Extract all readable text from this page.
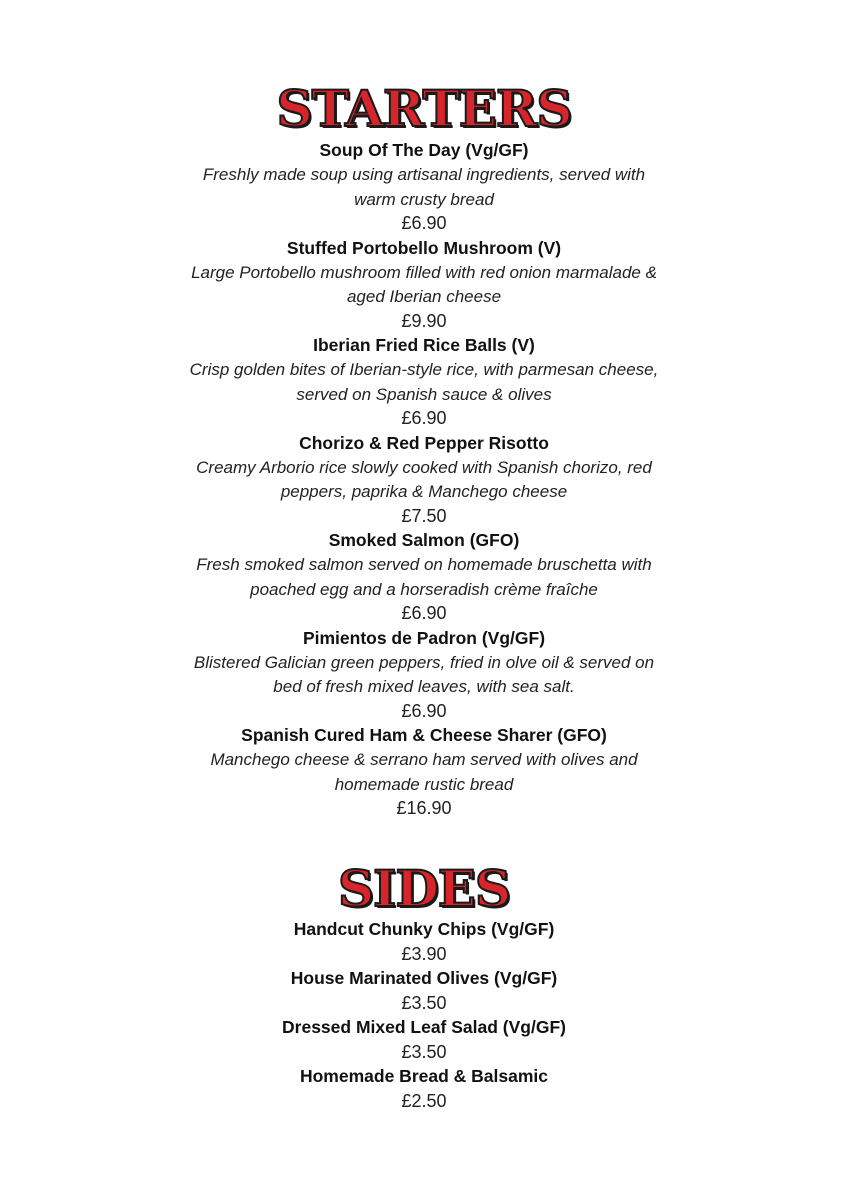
STARTERS
Soup Of The Day (Vg/GF)
Freshly made soup using artisanal ingredients, served with warm crusty bread
£6.90
Stuffed Portobello Mushroom (V)
Large Portobello mushroom filled with red onion marmalade & aged Iberian cheese
£9.90
Iberian Fried Rice Balls (V)
Crisp golden bites of Iberian-style rice, with parmesan cheese, served on Spanish sauce & olives
£6.90
Chorizo & Red Pepper Risotto
Creamy Arborio rice slowly cooked with Spanish chorizo, red peppers, paprika & Manchego cheese
£7.50
Smoked Salmon (GFO)
Fresh smoked salmon served on homemade bruschetta with poached egg and a horseradish crème fraîche
£6.90
Pimientos de Padron (Vg/GF)
Blistered Galician green peppers, fried in olve oil & served on bed of fresh mixed leaves, with sea salt.
£6.90
Spanish Cured Ham & Cheese Sharer (GFO)
Manchego cheese & serrano ham served with olives and homemade rustic bread
£16.90
SIDES
Handcut Chunky Chips (Vg/GF)
£3.90
House Marinated Olives (Vg/GF)
£3.50
Dressed Mixed Leaf Salad (Vg/GF)
£3.50
Homemade Bread & Balsamic
£2.50
